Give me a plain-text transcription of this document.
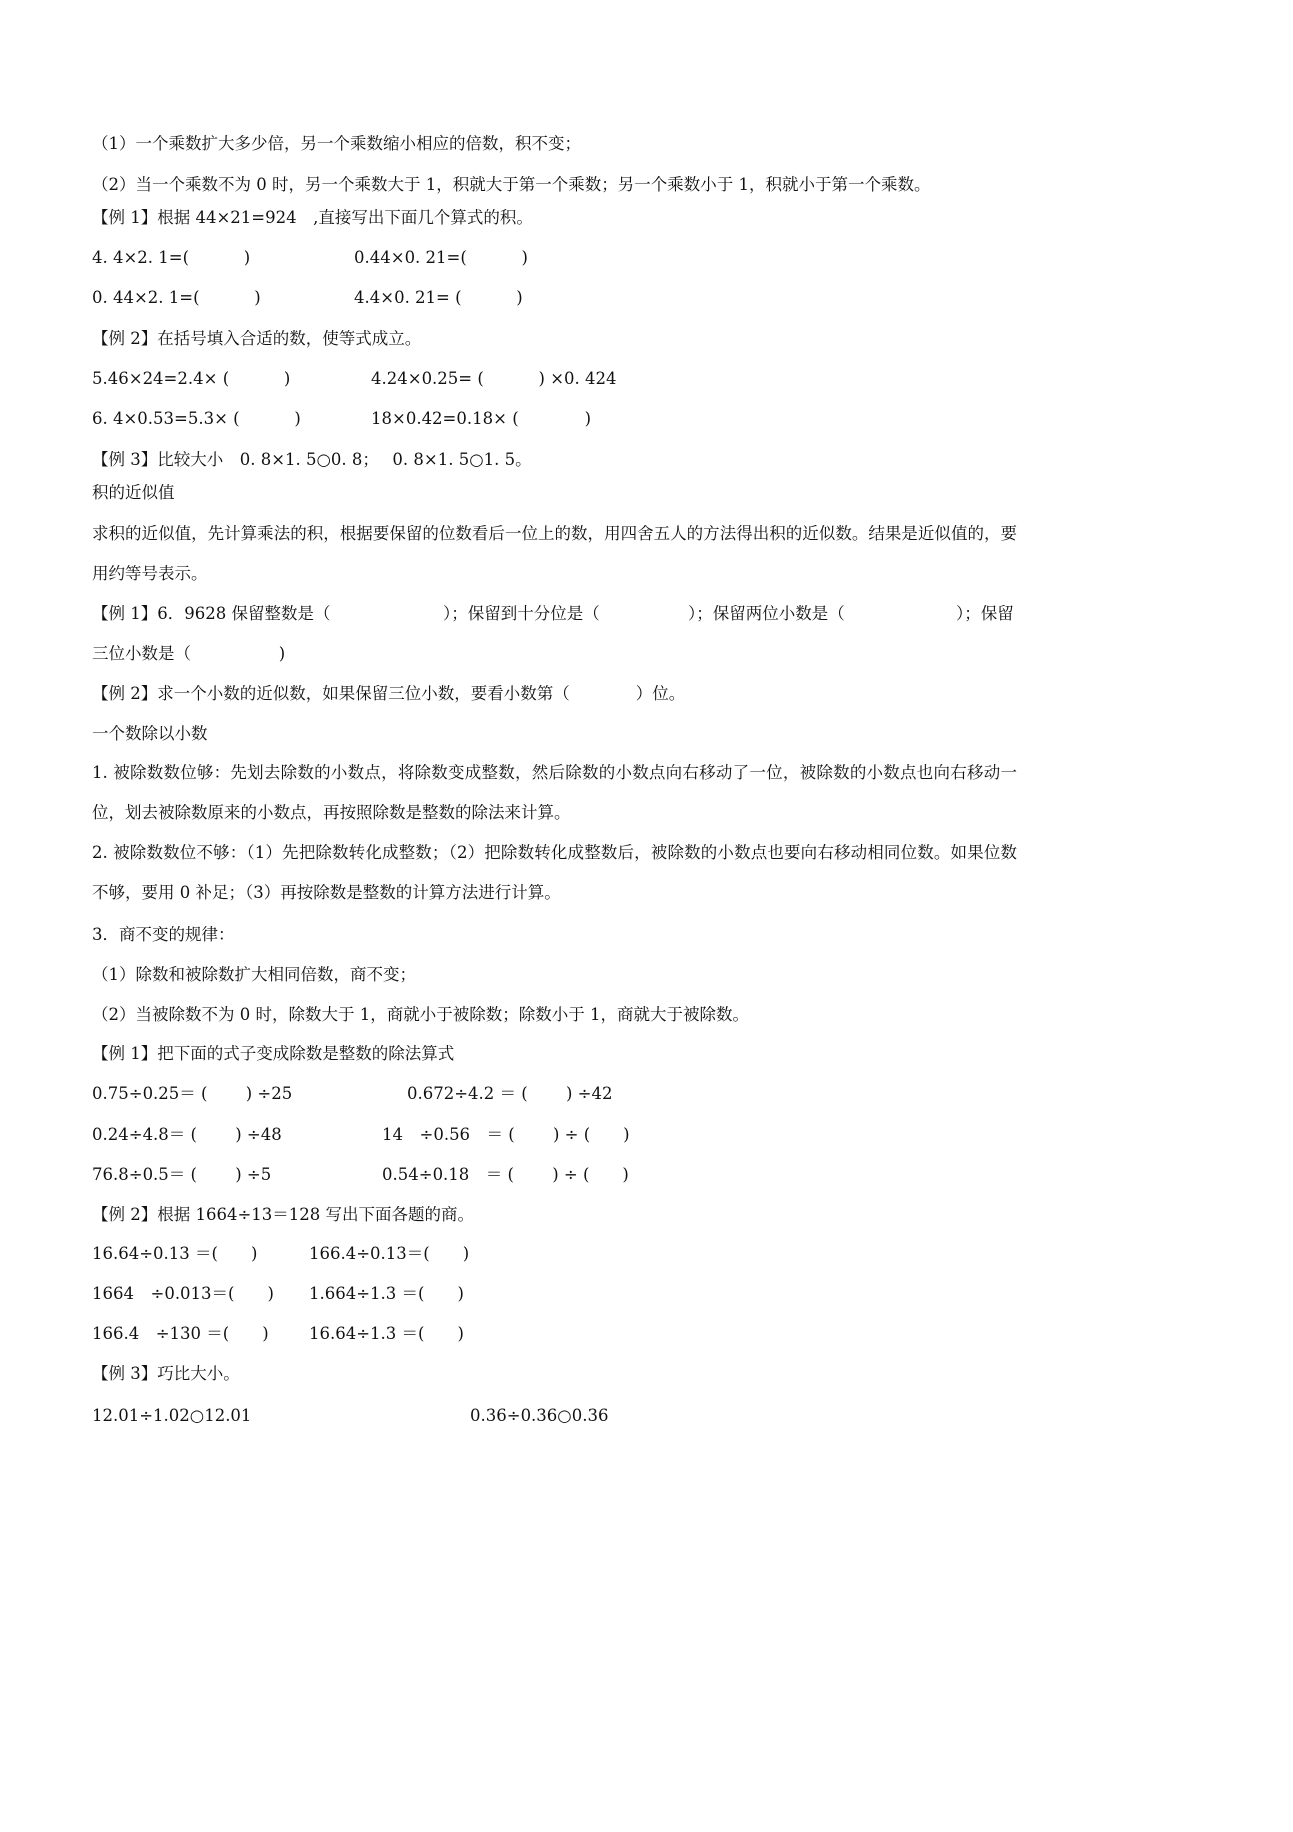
（1）一个乘数扩大多少倍，另一个乘数缩小相应的倍数，积不变；
（2）当一个乘数不为 0 时，另一个乘数大于 1，积就大于第一个乘数；另一个乘数小于 1，积就小于第一个乘数。
【例 1】根据 44×21=924　,直接写出下面几个算式的积。
4. 4×2. 1=(　　　 )	0.44×0. 21=(　　　 )
0. 44×2. 1=(　　　 )	4.4×0. 21= (　　　 )
【例 2】在括号填入合适的数，使等式成立。
5.46×24=2.4× (　　　 )	4.24×0.25= (　　　 ) ×0. 424
6. 4×0.53=5.3× (　　　 )	18×0.42=0.18× (　　　　)
【例 3】比较大小　0. 8×1. 5○0. 8；　 0. 8×1. 5○1. 5。
积的近似值
求积的近似值，先计算乘法的积，根据要保留的位数看后一位上的数，用四舍五人的方法得出积的近似数。结果是近似值的，要用约等号表示。
【例 1】6．9628 保留整数是（	）；保留到十分位是（	）；保留两位小数是（	）；保留
三位小数是（　　　　　 )
【例 2】求一个小数的近似数，如果保留三位小数，要看小数第（　　　　）位。
一个数除以小数
1. 被除数数位够：先划去除数的小数点，将除数变成整数，然后除数的小数点向右移动了一位，被除数的小数点也向右移动一位，划去被除数原来的小数点，再按照除数是整数的除法来计算。
2. 被除数数位不够：（1）先把除数转化成整数；（2）把除数转化成整数后，被除数的小数点也要向右移动相同位数。如果位数不够，要用 0 补足；（3）再按除数是整数的计算方法进行计算。
3．商不变的规律：
（1）除数和被除数扩大相同倍数，商不变；
（2）当被除数不为 0 时，除数大于 1，商就小于被除数；除数小于 1，商就大于被除数。
【例 1】把下面的式子变成除数是整数的除法算式
0.75÷0.25＝ (　　 ) ÷25	0.672÷4.2 ＝ (　　 ) ÷42
0.24÷4.8＝ (　　 ) ÷48	14　÷0.56　＝ (　　 ) ÷ (　　)
76.8÷0.5＝ (　　 ) ÷5	0.54÷0.18　＝ (　　 ) ÷ (　　)
【例 2】根据 1664÷13＝128 写出下面各题的商。
16.64÷0.13 ＝(　　)	166.4÷0.13＝(　　)
1664　÷0.013＝(　　) 1.664÷1.3 ＝(　　)
166.4　÷130 ＝(　　) 16.64÷1.3 ＝(　　)
【例 3】巧比大小。
12.01÷1.02○12.01	0.36÷0.36○0.36
